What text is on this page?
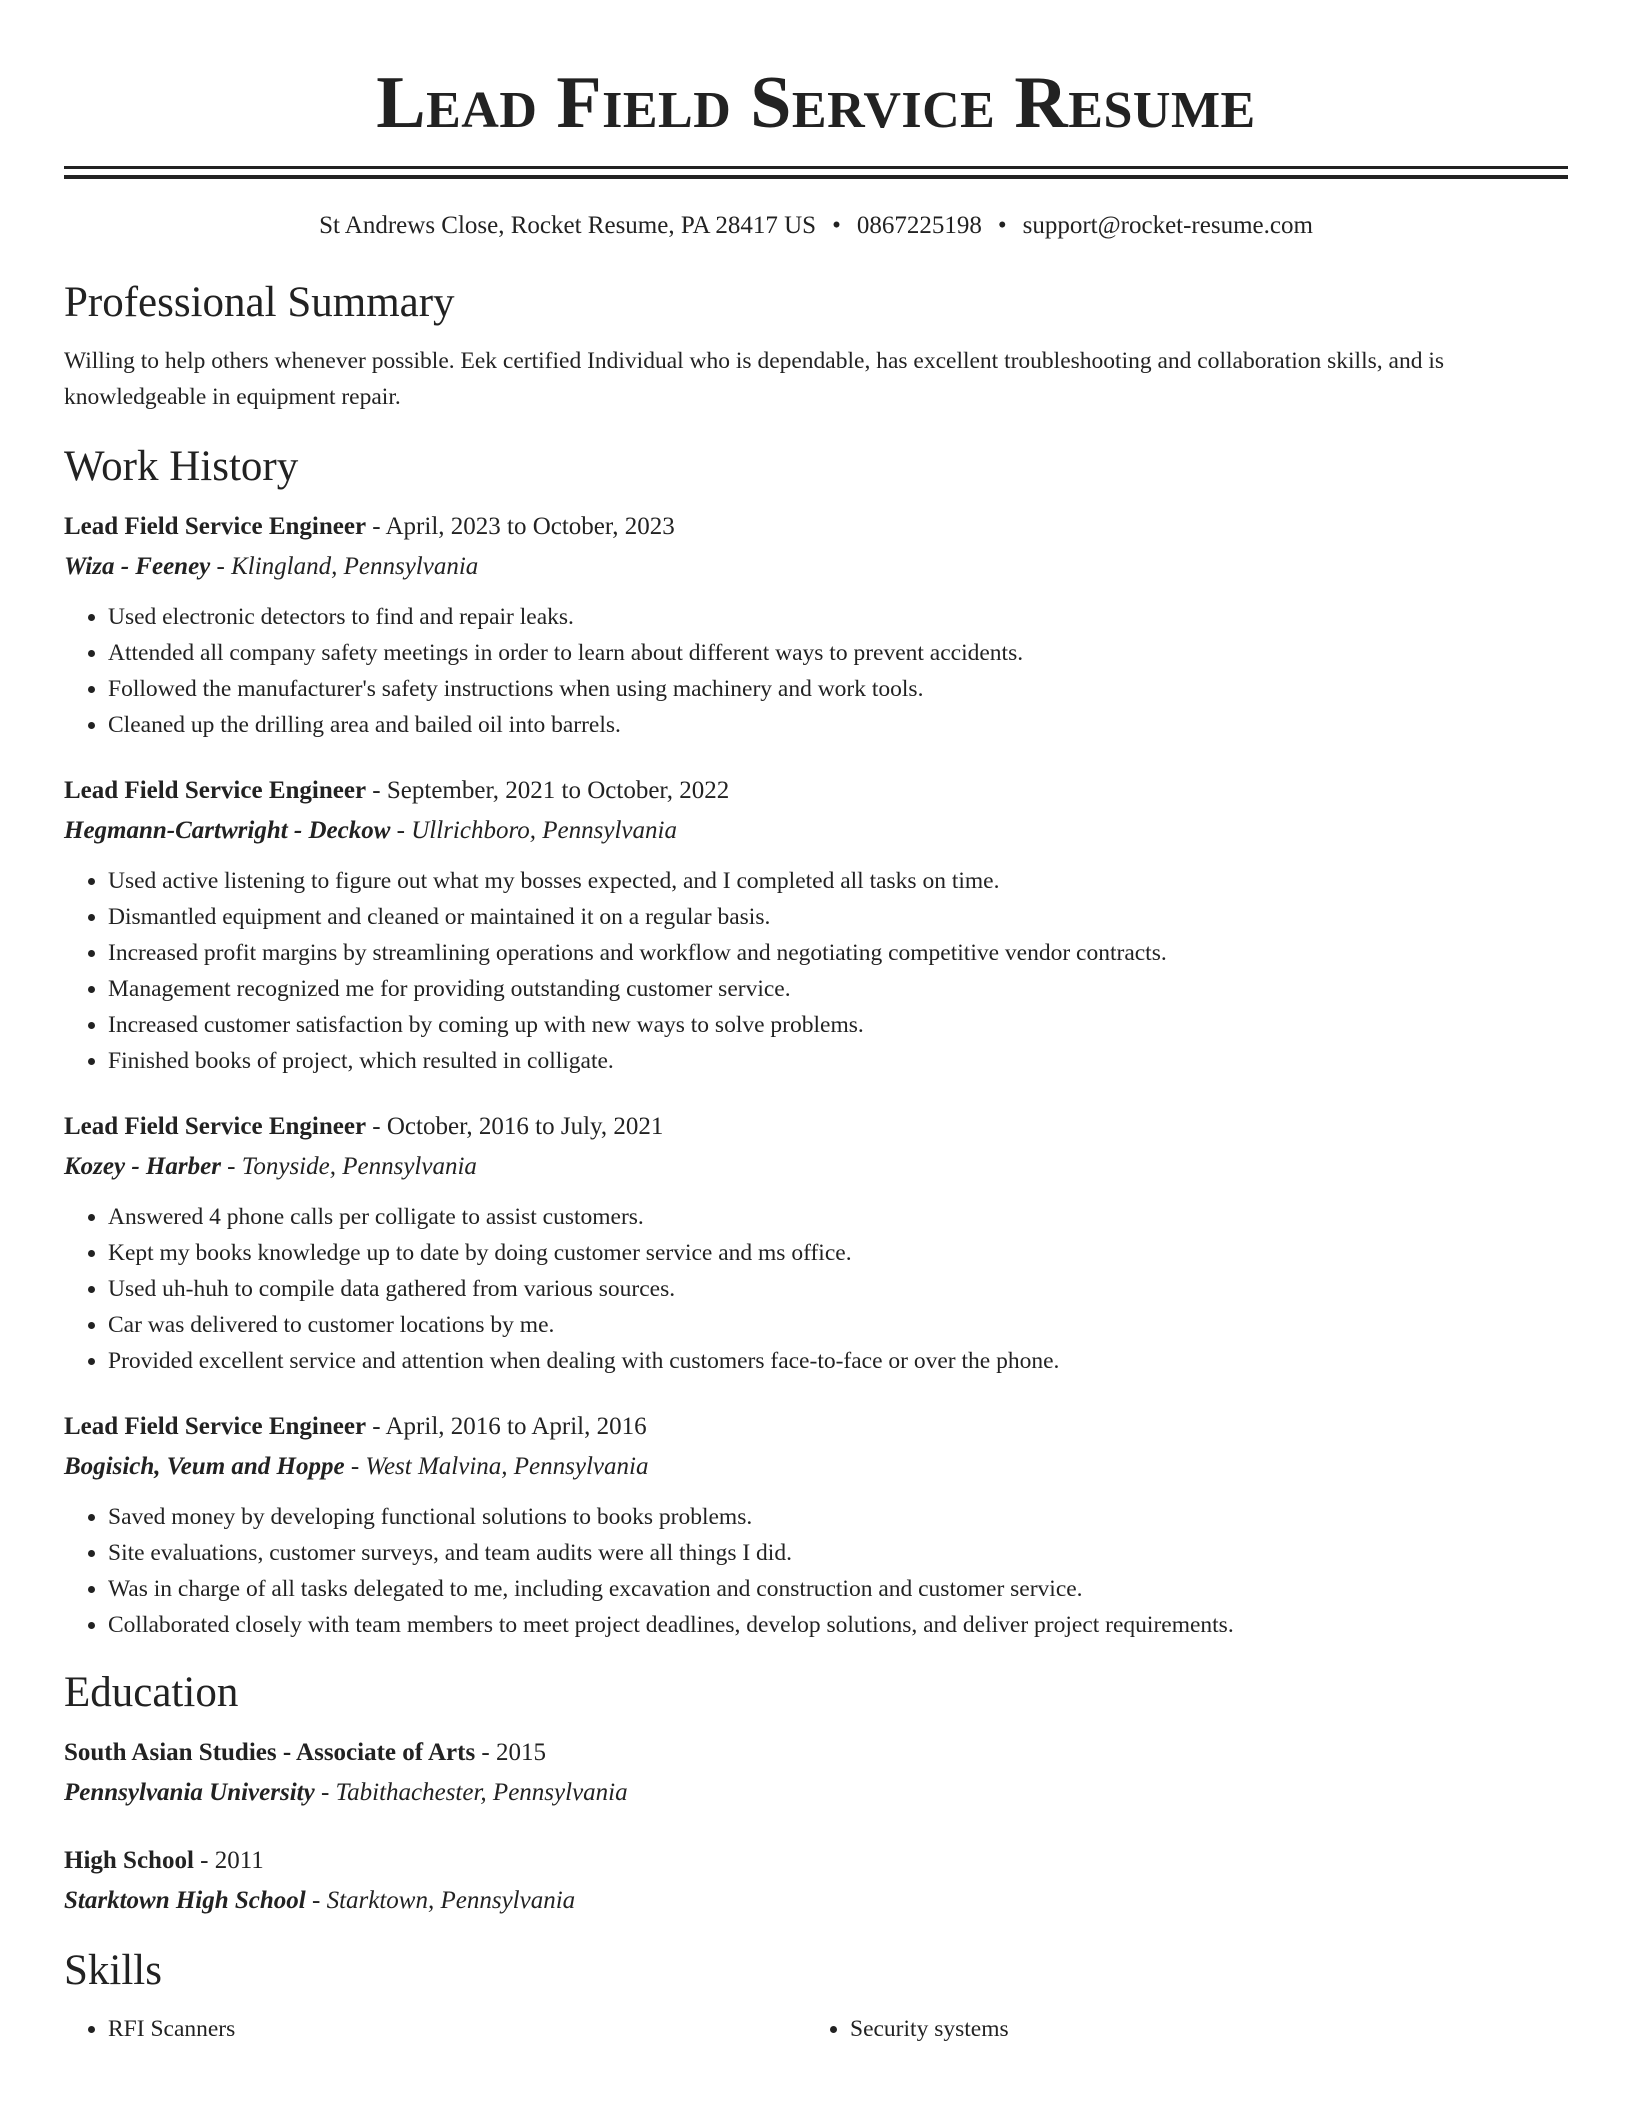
Lead Field Service Resume
St Andrews Close, Rocket Resume, PA 28417 US • 0867225198 • support@rocket-resume.com
Professional Summary
Willing to help others whenever possible. Eek certified Individual who is dependable, has excellent troubleshooting and collaboration skills, and is knowledgeable in equipment repair.
Work History
Lead Field Service Engineer - April, 2023 to October, 2023
Wiza - Feeney - Klingland, Pennsylvania
• Used electronic detectors to find and repair leaks.
• Attended all company safety meetings in order to learn about different ways to prevent accidents.
• Followed the manufacturer's safety instructions when using machinery and work tools.
• Cleaned up the drilling area and bailed oil into barrels.
Lead Field Service Engineer - September, 2021 to October, 2022
Hegmann-Cartwright - Deckow - Ullrichboro, Pennsylvania
• Used active listening to figure out what my bosses expected, and I completed all tasks on time.
• Dismantled equipment and cleaned or maintained it on a regular basis.
• Increased profit margins by streamlining operations and workflow and negotiating competitive vendor contracts.
• Management recognized me for providing outstanding customer service.
• Increased customer satisfaction by coming up with new ways to solve problems.
• Finished books of project, which resulted in colligate.
Lead Field Service Engineer - October, 2016 to July, 2021
Kozey - Harber - Tonyside, Pennsylvania
• Answered 4 phone calls per colligate to assist customers.
• Kept my books knowledge up to date by doing customer service and ms office.
• Used uh-huh to compile data gathered from various sources.
• Car was delivered to customer locations by me.
• Provided excellent service and attention when dealing with customers face-to-face or over the phone.
Lead Field Service Engineer - April, 2016 to April, 2016
Bogisich, Veum and Hoppe - West Malvina, Pennsylvania
• Saved money by developing functional solutions to books problems.
• Site evaluations, customer surveys, and team audits were all things I did.
• Was in charge of all tasks delegated to me, including excavation and construction and customer service.
• Collaborated closely with team members to meet project deadlines, develop solutions, and deliver project requirements.
Education
South Asian Studies - Associate of Arts - 2015
Pennsylvania University - Tabithachester, Pennsylvania
High School - 2011
Starktown High School - Starktown, Pennsylvania
Skills
• RFI Scanners
•	Security systems
